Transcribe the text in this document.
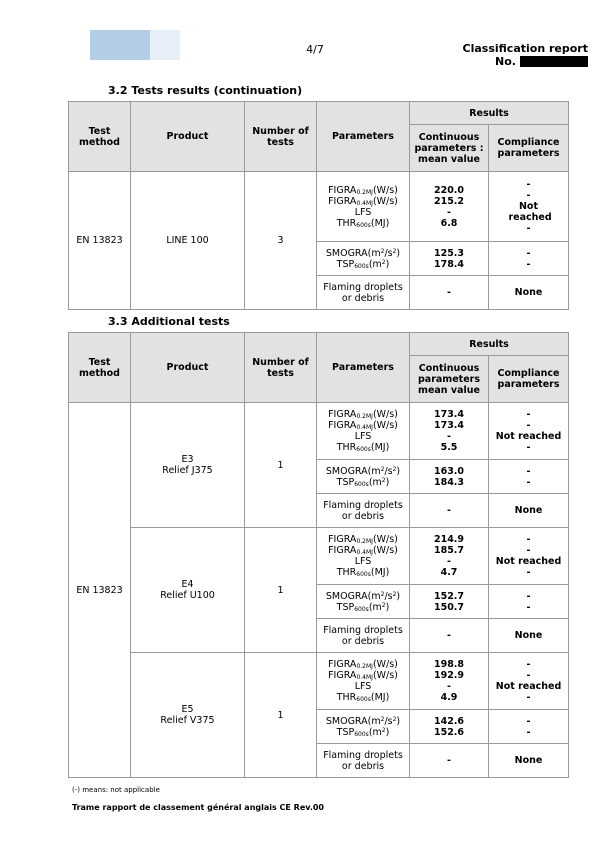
4/7	Classification report
No.
3.2 Tests results (continuation)
Test method	Product	Number of tests	Parameters	Results	
				Continuous parameters : mean value	Compliance parameters
EN 13823	LINE 100	3	$FIGRA_{0.2MJ}(W/s)$
$FIGRA_{0.4MJ}(W/s)$
LFS
$THR_{600s}(MJ)$	220.0
215.2
-
6.8	-
-
Not reached
-

			$SMOGRA(m^2/s^2)$
$TSP_{600s}(m^2)$	125.3
178.4	-
-

			Flaming droplets or debris	-	None
3.3 Additional tests
Test method	Product	Number of tests	Parameters	Results	
				Continuous parameters mean value	Compliance parameters
EN 13823	E3
Relief J375	1	$FIGRA_{0.2MJ}(W/s)$
$FIGRA_{0.4MJ}(W/s)$
LFS
$THR_{600s}(MJ)$	173.4
173.4
-
5.5	-
-
Not reached
-

			$SMOGRA(m^2/s^2)$
$TSP_{600s}(m^2)$	163.0
184.3	-
-

			Flaming droplets or debris	-	None

	E4
Relief U100	1	$FIGRA_{0.2MJ}(W/s)$
$FIGRA_{0.4MJ}(W/s)$
LFS
$THR_{600s}(MJ)$	214.9
185.7
-
4.7	-
-
Not reached
-

			$SMOGRA(m^2/s^2)$
$TSP_{600s}(m^2)$	152.7
150.7	-
-

			Flaming droplets or debris	-	None

	E5
Relief V375	1	$FIGRA_{0.2MJ}(W/s)$
$FIGRA_{0.4MJ}(W/s)$
LFS
$THR_{600s}(MJ)$	198.8
192.9
-
4.9	-
-
Not reached
-

			$SMOGRA(m^2/s^2)$
$TSP_{600s}(m^2)$	142.6
152.6	-
-

			Flaming droplets or debris	-	None
(-) means: not applicable
Trame rapport de classement général anglais CE Rev.00
